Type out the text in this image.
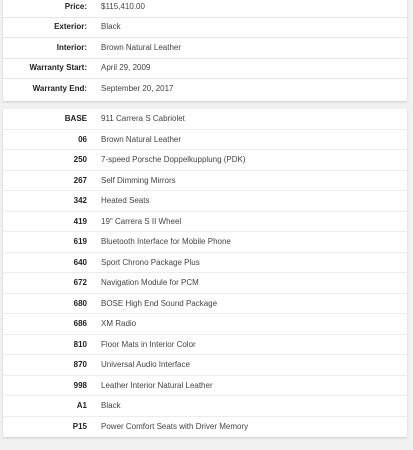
Price:	$115,410.00
Exterior:	Black
Interior:	Brown Natural Leather
Warranty Start:	April 29, 2009
Warranty End:	September 20, 2017
BASE	911 Carrera S Cabriolet
06	Brown Natural Leather
250	7-speed Porsche Doppelkupplung (PDK)
267	Self Dimming Mirrors
342	Heated Seats
419	19" Carrera S II Wheel
619	Bluetooth Interface for Mobile Phone
640	Sport Chrono Package Plus
672	Navigation Module for PCM
680	BOSE High End Sound Package
686	XM Radio
810	Floor Mats in Interior Color
870	Universal Audio Interface
998	Leather Interior Natural Leather
A1	Black
P15	Power Comfort Seats with Driver Memory
